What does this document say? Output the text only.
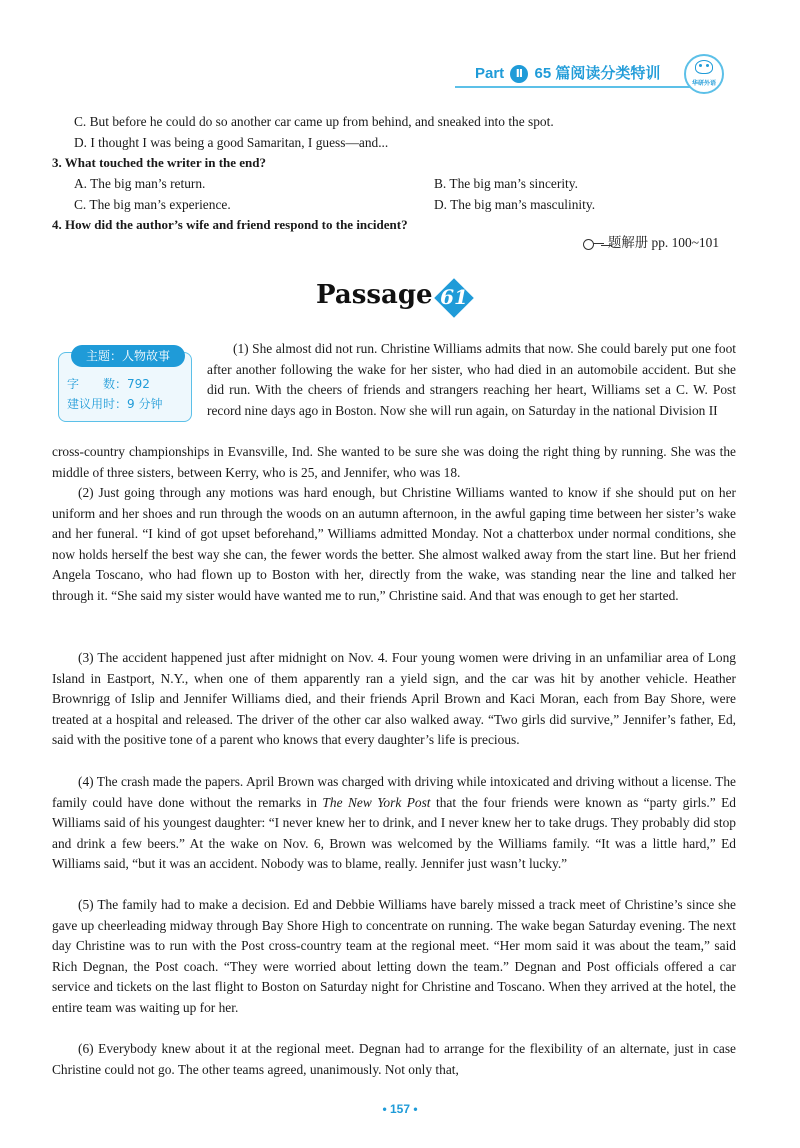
Part Ⅱ 65 篇阅读分类特训
华研外语
C. But before he could do so another car came up from behind, and sneaked into the spot.
D. I thought I was being a good Samaritan, I guess—and...
3. What touched the writer in the end?
A. The big man’s return.	B. The big man’s sincerity.
C. The big man’s experience.	D. The big man’s masculinity.
4. How did the author’s wife and friend respond to the incident?
题解册 pp. 100~101
Passage 61
主题：人物故事
字　　数：792
建议用时：9 分钟
(1) She almost did not run. Christine Williams admits that now. She could barely put one foot after another following the wake for her sister, who had died in an automobile accident. But she did run. With the cheers of friends and strangers reaching her heart, Williams set a C. W. Post record nine days ago in Boston. Now she will run again, on Saturday in the national Division II
cross-country championships in Evansville, Ind. She wanted to be sure she was doing the right thing by running. She was the middle of three sisters, between Kerry, who is 25, and Jennifer, who was 18.
(2) Just going through any motions was hard enough, but Christine Williams wanted to know if she should put on her uniform and her shoes and run through the woods on an autumn afternoon, in the awful gaping time between her sister’s wake and her funeral. “I kind of got upset beforehand,” Williams admitted Monday. Not a chatterbox under normal conditions, she now holds herself the best way she can, the fewer words the better. She almost walked away from the start line. But her friend Angela Toscano, who had flown up to Boston with her, directly from the wake, was standing near the line and talked her through it. “She said my sister would have wanted me to run,” Christine said. And that was enough to get her started.
(3) The accident happened just after midnight on Nov. 4. Four young women were driving in an unfamiliar area of Long Island in Eastport, N.Y., when one of them apparently ran a yield sign, and the car was hit by another vehicle. Heather Brownrigg of Islip and Jennifer Williams died, and their friends April Brown and Kaci Moran, each from Bay Shore, were treated at a hospital and released. The driver of the other car also walked away. “Two girls did survive,” Jennifer’s father, Ed, said with the positive tone of a parent who knows that every daughter’s life is precious.
(4) The crash made the papers. April Brown was charged with driving while intoxicated and driving without a license. The family could have done without the remarks in The New York Post that the four friends were known as “party girls.” Ed Williams said of his youngest daughter: “I never knew her to drink, and I never knew her to take drugs. They probably did stop and drink a few beers.” At the wake on Nov. 6, Brown was welcomed by the Williams family. “It was a little hard,” Ed Williams said, “but it was an accident. Nobody was to blame, really. Jennifer just wasn’t lucky.”
(5) The family had to make a decision. Ed and Debbie Williams have barely missed a track meet of Christine’s since she gave up cheerleading midway through Bay Shore High to concentrate on running. The wake began Saturday evening. The next day Christine was to run with the Post cross-country team at the regional meet. “Her mom said it was about the team,” said Rich Degnan, the Post coach. “They were worried about letting down the team.” Degnan and Post officials offered a car service and tickets on the last flight to Boston on Saturday night for Christine and Toscano. When they arrived at the hotel, the entire team was waiting up for her.
(6) Everybody knew about it at the regional meet. Degnan had to arrange for the flexibility of an alternate, just in case Christine could not go. The other teams agreed, unanimously. Not only that,
• 157 •
